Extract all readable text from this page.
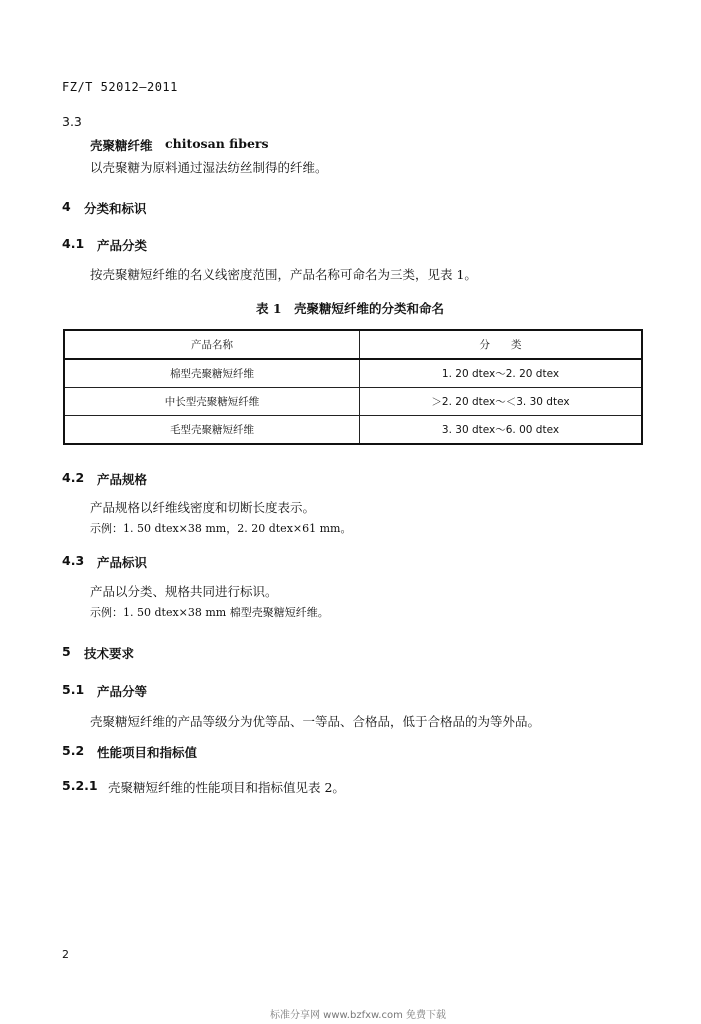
FZ/T 52012—2011
3.3
壳聚糖纤维 chitosan fibers
以壳聚糖为原料通过湿法纺丝制得的纤维。
4 分类和标识
4.1 产品分类
按壳聚糖短纤维的名义线密度范围，产品名称可命名为三类，见表 1。
表 1　壳聚糖短纤维的分类和命名
产品名称	分　　类
棉型壳聚糖短纤维	1. 20 dtex～2. 20 dtex
中长型壳聚糖短纤维	＞2. 20 dtex～＜3. 30 dtex
毛型壳聚糖短纤维	3. 30 dtex～6. 00 dtex
4.2 产品规格
产品规格以纤维线密度和切断长度表示。
示例：1. 50 dtex×38 mm，2. 20 dtex×61 mm。
4.3 产品标识
产品以分类、规格共同进行标识。
示例：1. 50 dtex×38 mm 棉型壳聚糖短纤维。
5 技术要求
5.1 产品分等
壳聚糖短纤维的产品等级分为优等品、一等品、合格品，低于合格品的为等外品。
5.2 性能项目和指标值
5.2.1 壳聚糖短纤维的性能项目和指标值见表 2。
2
标准分享网 www.bzfxw.com 免费下载
